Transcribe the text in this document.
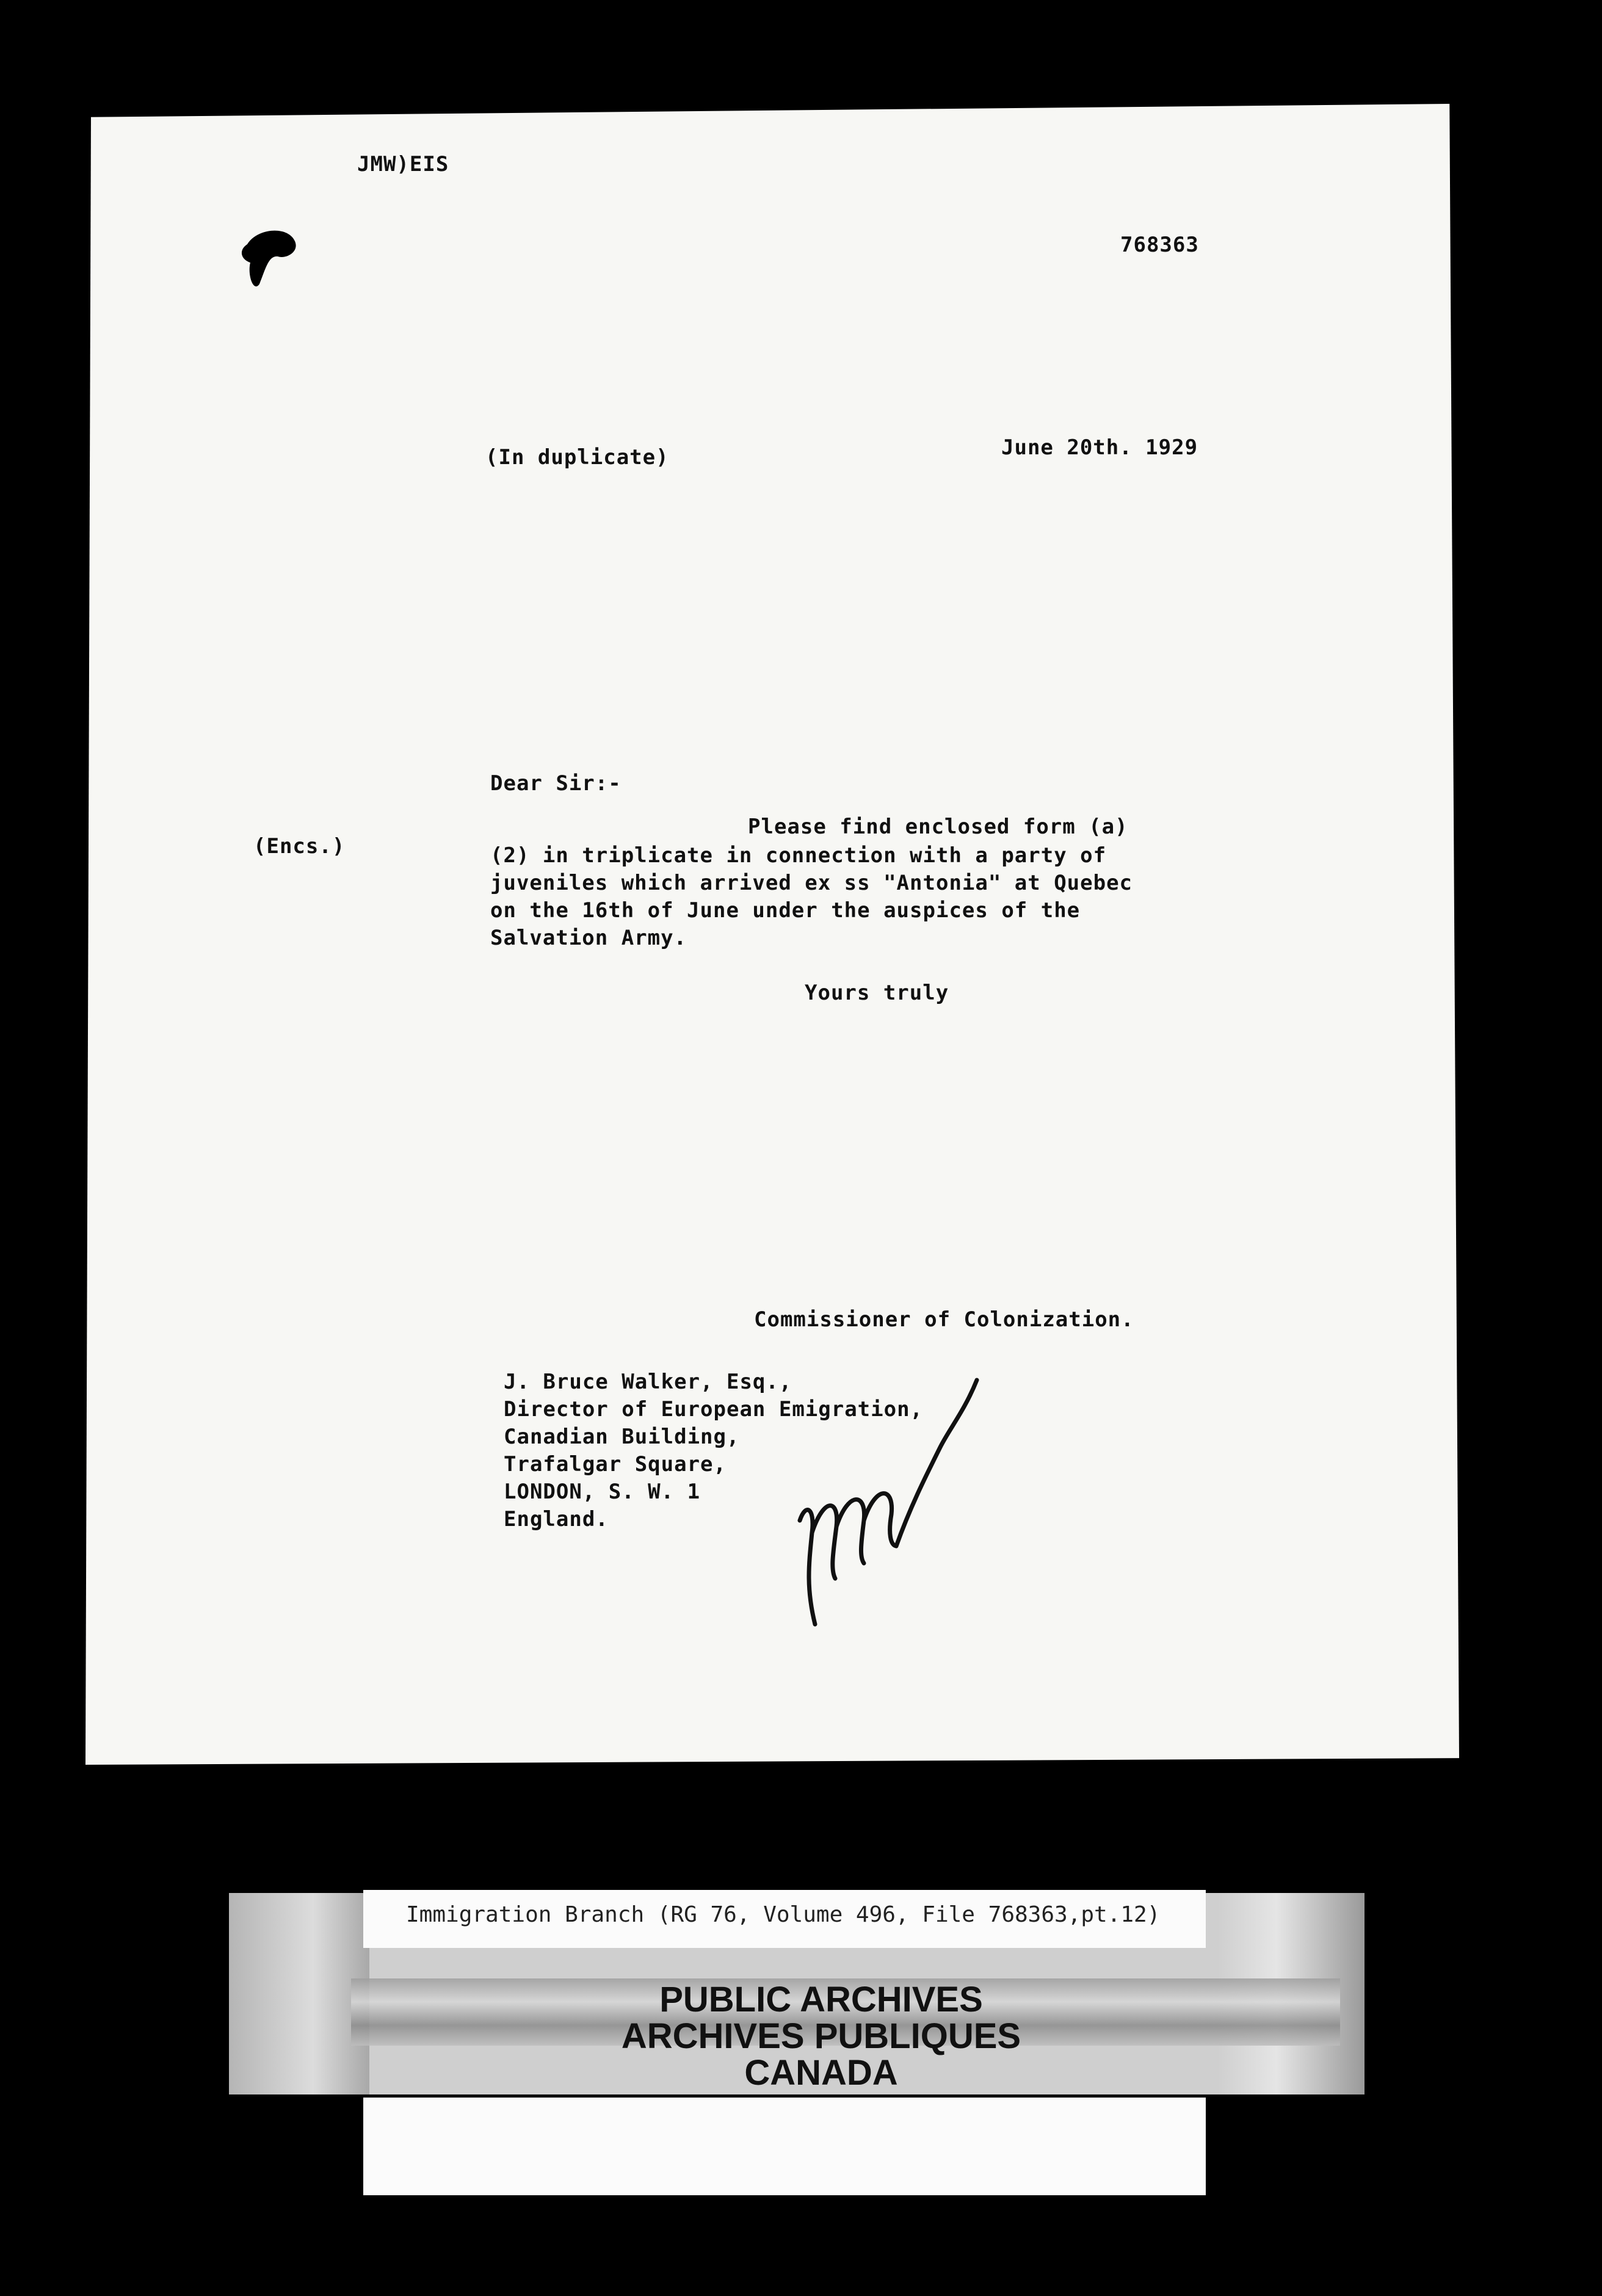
JMW)EIS
768363
(In duplicate)	June 20th. 1929
Dear Sir:-
(Encs.)
Please find enclosed form (a)
(2) in triplicate in connection with a party of
juveniles which arrived ex ss "Antonia" at Quebec
on the 16th of June under the auspices of the
Salvation Army.
Yours truly
Commissioner of Colonization.
J. Bruce Walker, Esq.,
Director of European Emigration,
Canadian Building,
Trafalgar Square,
LONDON, S. W. 1
England.
Immigration Branch (RG 76, Volume 496, File 768363,pt.12)
PUBLIC ARCHIVES
ARCHIVES PUBLIQUES
CANADA
